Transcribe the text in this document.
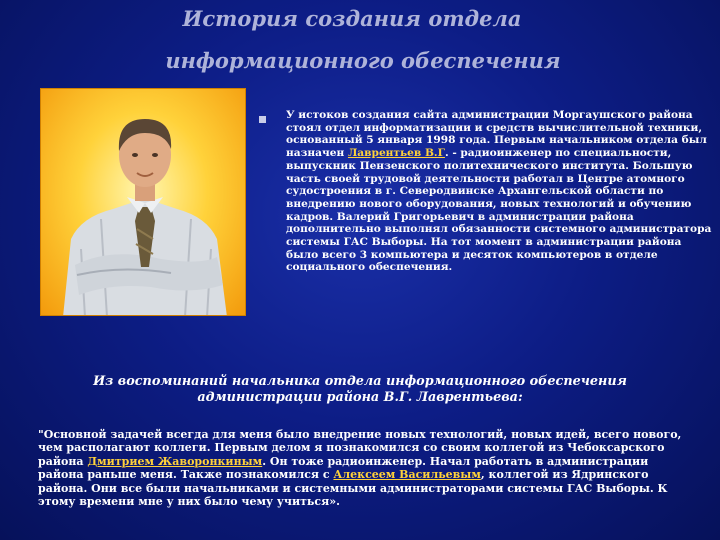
История создания отдела
информационного обеспечения

У истоков создания сайта администрации Моргаушского района стоял отдел информатизации и средств вычислительной техники, основанный 5 января 1998 года. Первым начальником отдела был назначен Лаврентьев В.Г. - радиоинженер по специальности, выпускник Пензенского политехнического института. Большую часть своей трудовой деятельности работал в Центре атомного судостроения в г. Северодвинске Архангельской области по внедрению нового оборудования, новых технологий и обучению кадров. Валерий Григорьевич в администрации района дополнительно выполнял обязанности системного администратора системы ГАС Выборы. На тот момент в администрации района было всего 3 компьютера и десяток компьютеров в отделе социального обеспечения.

Из воспоминаний начальника отдела информационного обеспечения администрации района В.Г. Лаврентьева:

"Основной задачей всегда для меня было внедрение новых технологий, новых идей, всего нового, чем располагают коллеги. Первым делом я познакомился со своим коллегой из Чебоксарского района Дмитрием Жаворонкиным. Он тоже радиоинженер. Начал работать в администрации района раньше меня. Также познакомился с Алексеем Васильевым, коллегой из Ядринского района. Они все были начальниками и системными администраторами системы ГАС Выборы. К этому времени мне у них было чему учиться».
